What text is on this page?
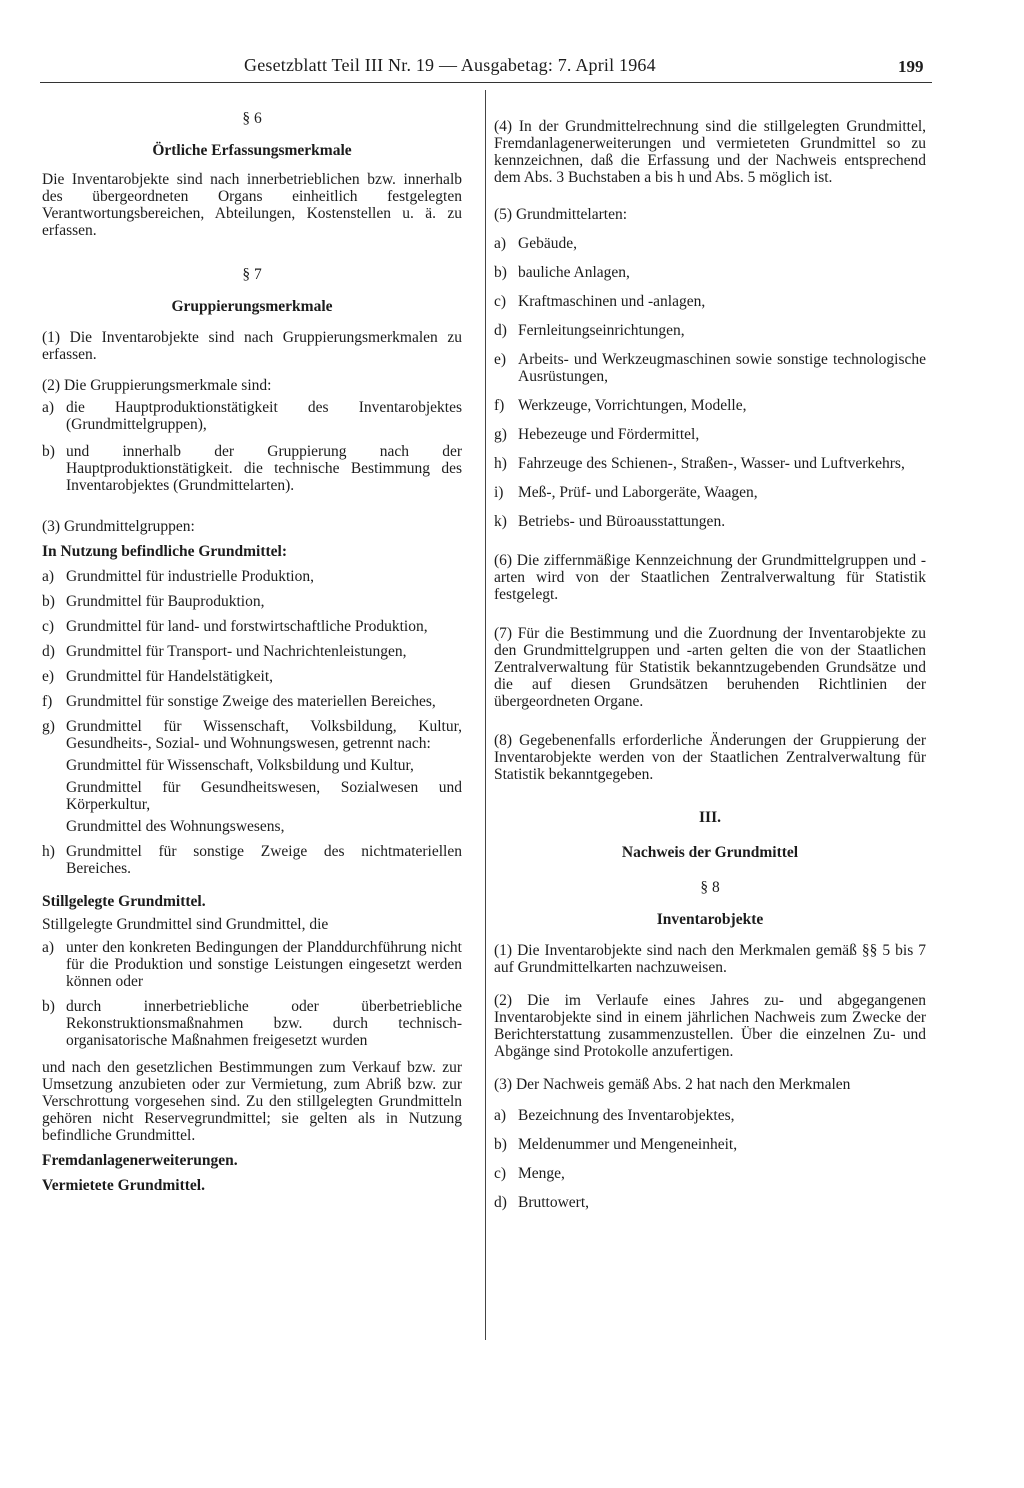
Gesetzblatt Teil III Nr. 19 — Ausgabetag: 7. April 1964	199
§ 6
Örtliche Erfassungsmerkmale

Die Inventarobjekte sind nach innerbetrieblichen bzw. innerhalb des übergeordneten Organs einheitlich festgelegten Verantwortungsbereichen, Abteilungen, Kostenstellen u. ä. zu erfassen.

§ 7
Gruppierungsmerkmale

(1) Die Inventarobjekte sind nach Gruppierungsmerkmalen zu erfassen.

(2) Die Gruppierungsmerkmale sind:

a) die Hauptproduktionstätigkeit des Inventarobjektes (Grundmittelgruppen),
b) und innerhalb der Gruppierung nach der Hauptproduktionstätigkeit. die technische Bestimmung des Inventarobjektes (Grundmittelarten).

(3) Grundmittelgruppen:

In Nutzung befindliche Grundmittel:
a) Grundmittel für industrielle Produktion,
b) Grundmittel für Bauproduktion,
c) Grundmittel für land- und forstwirtschaftliche Produktion,
d) Grundmittel für Transport- und Nachrichtenleistungen,
e) Grundmittel für Handelstätigkeit,
f) Grundmittel für sonstige Zweige des materiellen Bereiches,
g) Grundmittel für Wissenschaft, Volksbildung, Kultur, Gesundheits-, Sozial- und Wohnungswesen, getrennt nach:
Grundmittel für Wissenschaft, Volksbildung und Kultur,
Grundmittel für Gesundheitswesen, Sozialwesen und Körperkultur,
Grundmittel des Wohnungswesens,
h) Grundmittel für sonstige Zweige des nichtmateriellen Bereiches.
Stillgelegte Grundmittel.

Stillgelegte Grundmittel sind Grundmittel, die

a) unter den konkreten Bedingungen der Planddurchführung nicht für die Produktion und sonstige Leistungen eingesetzt werden können oder
b) durch innerbetriebliche oder überbetriebliche Rekonstruktionsmaßnahmen bzw. durch technisch-organisatorische Maßnahmen freigesetzt wurden

und nach den gesetzlichen Bestimmungen zum Verkauf bzw. zur Umsetzung anzubieten oder zur Vermietung, zum Abriß bzw. zur Verschrottung vorgesehen sind. Zu den stillgelegten Grundmitteln gehören nicht Reservegrundmittel; sie gelten als in Nutzung befindliche Grundmittel.

Fremdanlagenerweiterungen.
Vermietete Grundmittel.

(4) In der Grundmittelrechnung sind die stillgelegten Grundmittel, Fremdanlagenerweiterungen und vermieteten Grundmittel so zu kennzeichnen, daß die Erfassung und der Nachweis entsprechend dem Abs. 3 Buchstaben a bis h und Abs. 5 möglich ist.

(5) Grundmittelarten:

a) Gebäude,
b) bauliche Anlagen,
c) Kraftmaschinen und -anlagen,
d) Fernleitungseinrichtungen,
e) Arbeits- und Werkzeugmaschinen sowie sonstige technologische Ausrüstungen,
f) Werkzeuge, Vorrichtungen, Modelle,
g) Hebezeuge und Fördermittel,
h) Fahrzeuge des Schienen-, Straßen-, Wasser- und Luftverkehrs,
i) Meß-, Prüf- und Laborgeräte, Waagen,
k) Betriebs- und Büroausstattungen.

(6) Die ziffernmäßige Kennzeichnung der Grundmittelgruppen und -arten wird von der Staatlichen Zentralverwaltung für Statistik festgelegt.

(7) Für die Bestimmung und die Zuordnung der Inventarobjekte zu den Grundmittelgruppen und -arten gelten die von der Staatlichen Zentralverwaltung für Statistik bekanntzugebenden Grundsätze und die auf diesen Grundsätzen beruhenden Richtlinien der übergeordneten Organe.

(8) Gegebenenfalls erforderliche Änderungen der Gruppierung der Inventarobjekte werden von der Staatlichen Zentralverwaltung für Statistik bekanntgegeben.

III.
Nachweis der Grundmittel
§ 8
Inventarobjekte

(1) Die Inventarobjekte sind nach den Merkmalen gemäß §§ 5 bis 7 auf Grundmittelkarten nachzuweisen.

(2) Die im Verlaufe eines Jahres zu- und abgegangenen Inventarobjekte sind in einem jährlichen Nachweis zum Zwecke der Berichterstattung zusammenzustellen. Über die einzelnen Zu- und Abgänge sind Protokolle anzufertigen.

(3) Der Nachweis gemäß Abs. 2 hat nach den Merkmalen

a) Bezeichnung des Inventarobjektes,
b) Meldenummer und Mengeneinheit,
c) Menge,
d) Bruttowert,
